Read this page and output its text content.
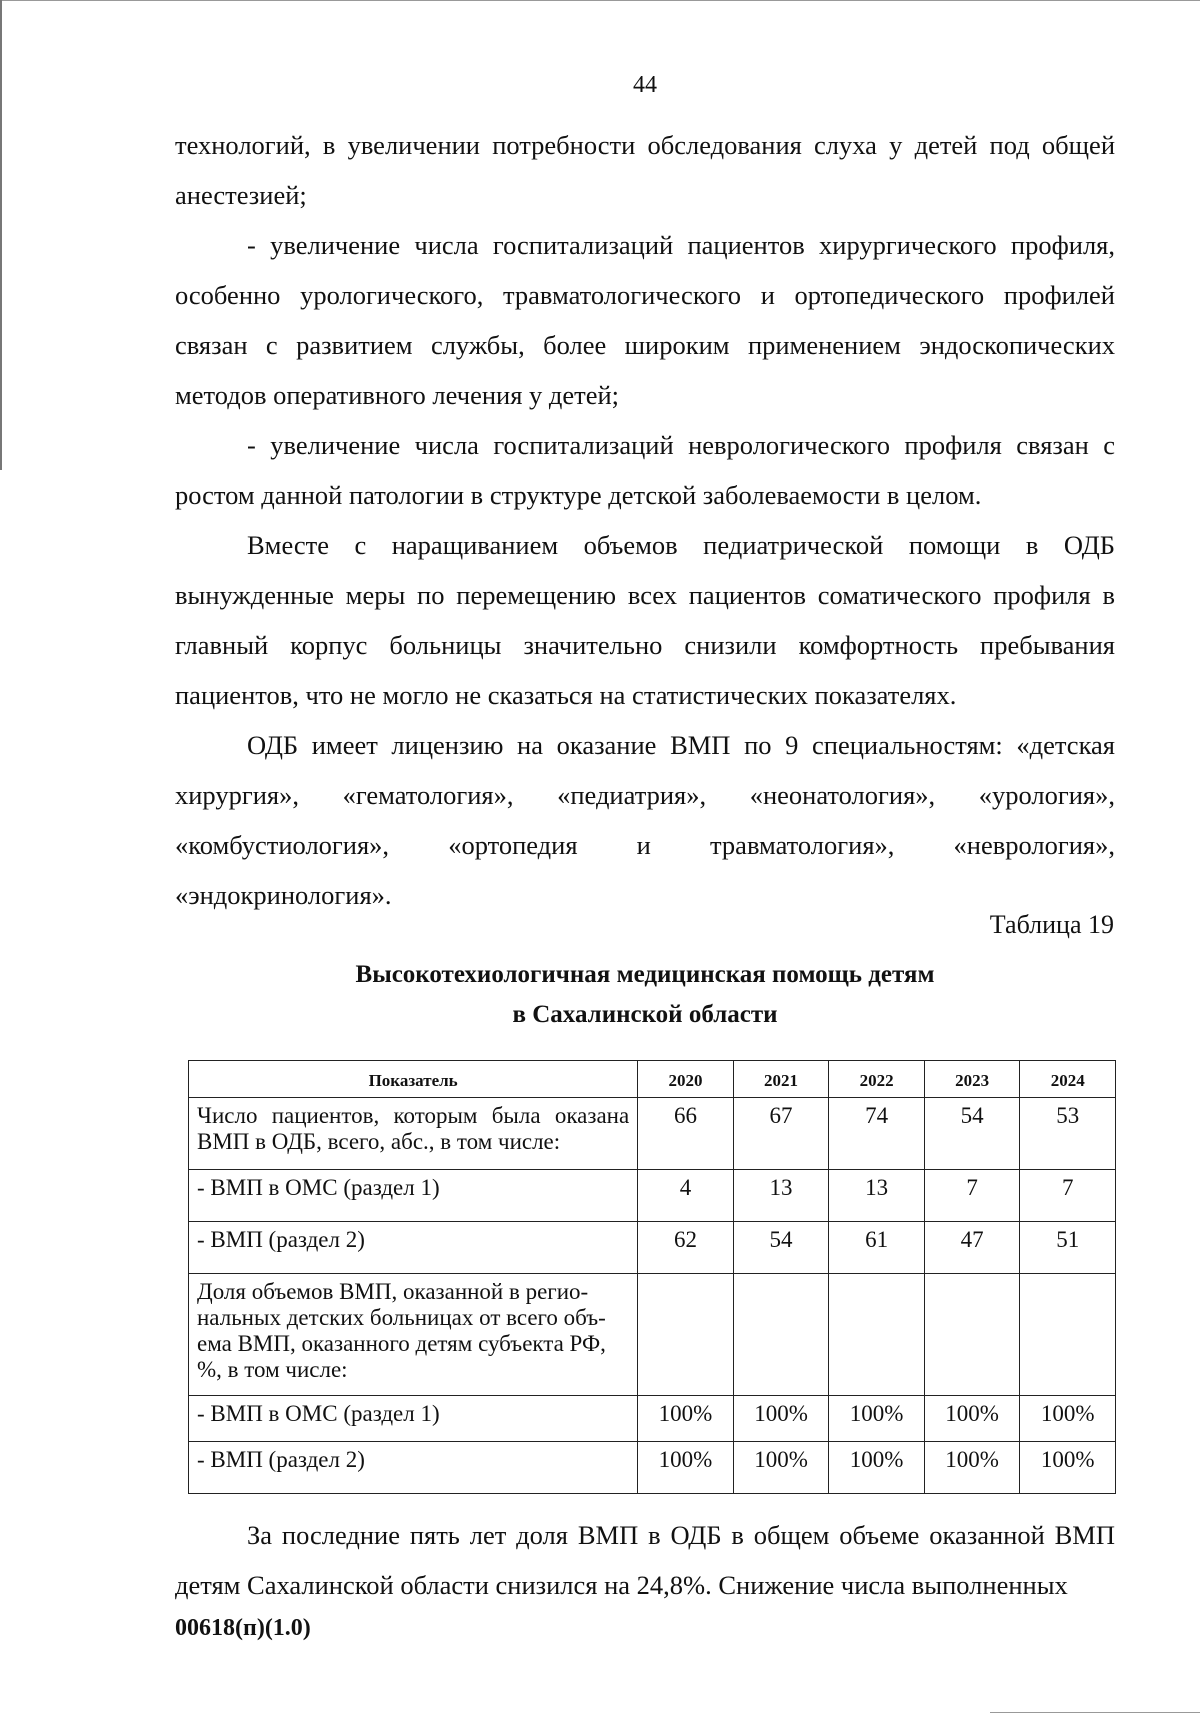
44

технологий, в увеличении потребности обследования слуха у детей под общей анестезией;

- увеличение числа госпитализаций пациентов хирургического профиля, особенно урологического, травматологического и ортопедического профилей связан с развитием службы, более широким применением эндоскопических методов оперативного лечения у детей;

- увеличение числа госпитализаций неврологического профиля связан с ростом данной патологии в структуре детской заболеваемости в целом.

Вместе с наращиванием объемов педиатрической помощи в ОДБ вынужденные меры по перемещению всех пациентов соматического профиля в главный корпус больницы значительно снизили комфортность пребывания пациентов, что не могло не сказаться на статистических показателях.

ОДБ имеет лицензию на оказание ВМП по 9 специальностям: «детская хирургия», «гематология», «педиатрия», «неонатология», «урология», «комбустиология», «ортопедия и травматология», «неврология», «эндокринология».

Таблица 19
Высокотехиологичная медицинская помощь детям
в Сахалинской области
Показатель	2020	2021	2022	2023	2024
Число пациентов, которым была оказана ВМП в ОДБ, всего, абс., в том числе:	66	67	74	54	53
- ВМП в ОМС (раздел 1)	4	13	13	7	7
- ВМП (раздел 2)	62	54	61	47	51
Доля объемов ВМП, оказанной в регио-нальных детских больницах от всего объ-ема ВМП, оказанного детям субъекта РФ, %, в том числе:					
- ВМП в ОМС (раздел 1)	100%	100%	100%	100%	100%
- ВМП (раздел 2)	100%	100%	100%	100%	100%

За последние пять лет доля ВМП в ОДБ в общем объеме оказанной ВМП детям Сахалинской области снизился на 24,8%. Снижение числа выполненных

00618(п)(1.0)
